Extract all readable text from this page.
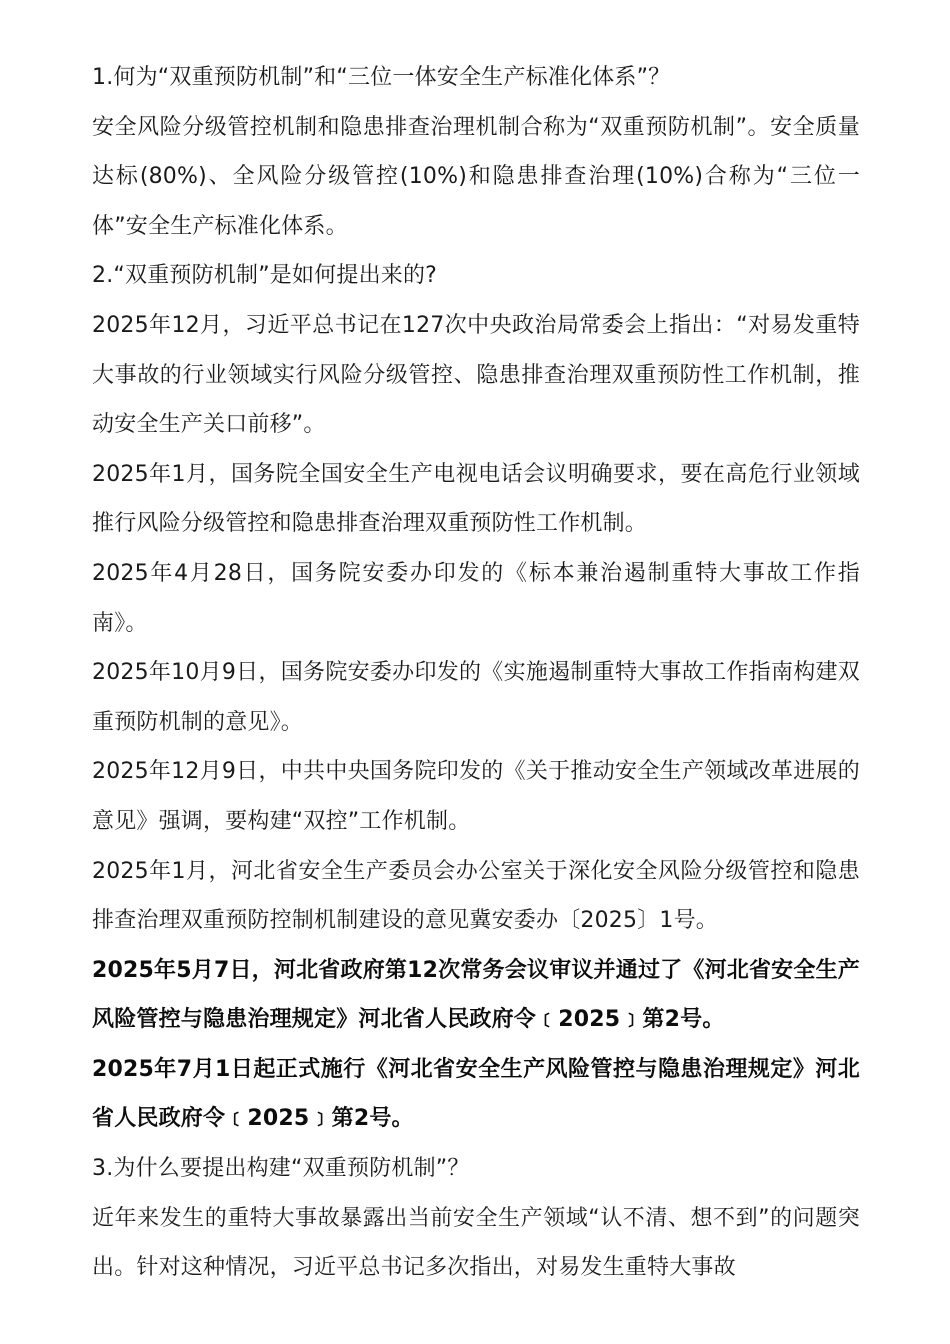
1.何为“双重预防机制”和“三位一体安全生产标准化体系”？

安全风险分级管控机制和隐患排查治理机制合称为“双重预防机制”。安全质量达标(80%)、全风险分级管控(10%)和隐患排查治理(10%)合称为“三位一体”安全生产标准化体系。

2.“双重预防机制”是如何提出来的?

2025年12月，习近平总书记在127次中央政治局常委会上指出：“对易发重特大事故的行业领域实行风险分级管控、隐患排查治理双重预防性工作机制，推动安全生产关口前移”。

2025年1月，国务院全国安全生产电视电话会议明确要求，要在高危行业领域推行风险分级管控和隐患排查治理双重预防性工作机制。

2025年4月28日，国务院安委办印发的《标本兼治遏制重特大事故工作指南》。

2025年10月9日，国务院安委办印发的《实施遏制重特大事故工作指南构建双重预防机制的意见》。

2025年12月9日，中共中央国务院印发的《关于推动安全生产领域改革进展的意见》强调，要构建“双控”工作机制。

2025年1月，河北省安全生产委员会办公室关于深化安全风险分级管控和隐患排查治理双重预防控制机制建设的意见冀安委办〔2025〕1号。

2025年5月7日，河北省政府第12次常务会议审议并通过了《河北省安全生产风险管控与隐患治理规定》河北省人民政府令﹝2025﹞第2号。

2025年7月1日起正式施行《河北省安全生产风险管控与隐患治理规定》河北省人民政府令﹝2025﹞第2号。

3.为什么要提出构建“双重预防机制”？

近年来发生的重特大事故暴露出当前安全生产领域“认不清、想不到”的问题突出。针对这种情况，习近平总书记多次指出，对易发生重特大事故
